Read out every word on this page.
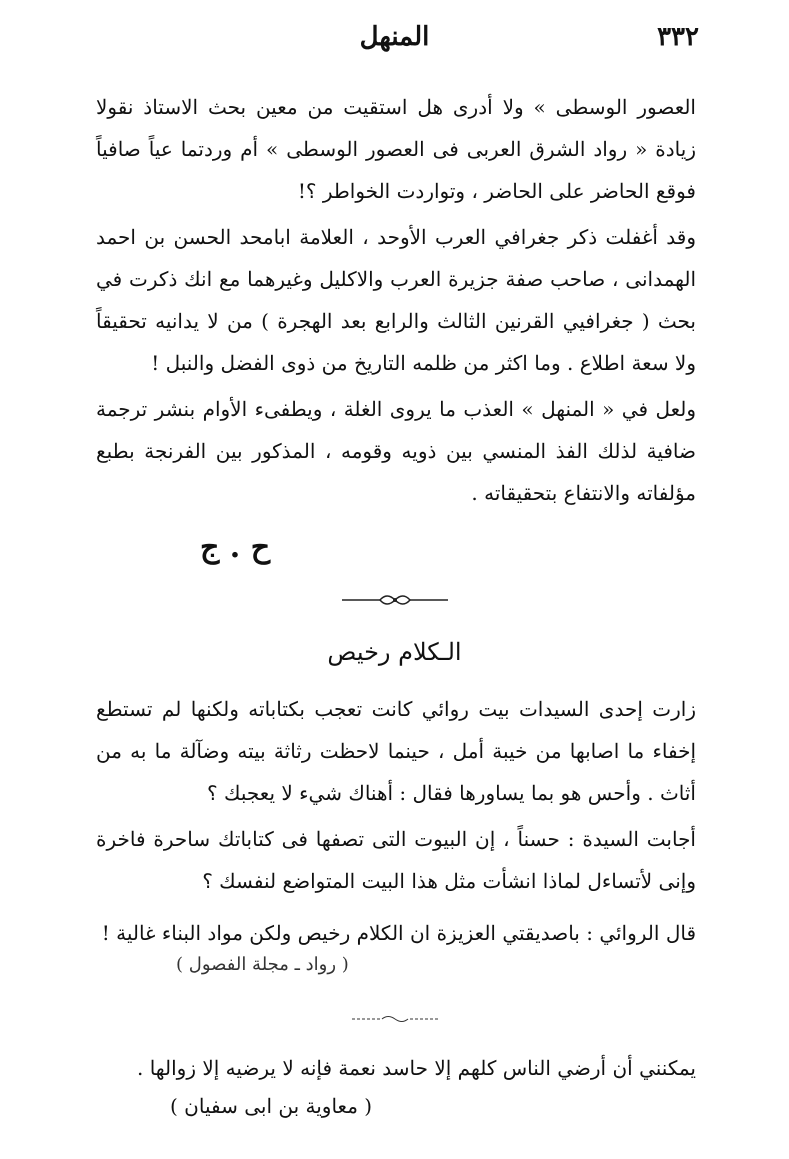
٣٣٢
المنهل

العصور الوسطى » ولا أدرى هل استقيت من معين بحث الاستاذ نقولا زيادة « رواد الشرق العربى فى العصور الوسطى » أم وردتما عياً صافياً فوقع الحاضر على الحاضر ، وتواردت الخواطر ؟!

وقد أغفلت ذكر جغرافي العرب الأوحد ، العلامة ابامحد الحسن بن احمد الهمدانى ، صاحب صفة جزيرة العرب والاكليل وغيرهما مع انك ذكرت في بحث ( جغرافيي القرنين الثالث والرابع بعد الهجرة ) من لا يدانيه تحقيقاً ولا سعة اطلاع . وما اكثر من ظلمه التاريخ من ذوى الفضل والنبل !

ولعل في « المنهل » العذب ما يروى الغلة ، ويطفىء الأوام بنشر ترجمة ضافية لذلك الفذ المنسي بين ذويه وقومه ، المذكور بين الفرنجة بطبع مؤلفاته والانتفاع بتحقيقاته .

ح . ج
الـكلام رخيص

زارت إحدى السيدات بيت روائي كانت تعجب بكتاباته ولكنها لم تستطع إخفاء ما اصابها من خيبة أمل ، حينما لاحظت رثاثة بيته وضآلة ما به من أثاث . وأحس هو بما يساورها فقال : أهناك شيء لا يعجبك ؟

أجابت السيدة : حسناً ، إن البيوت التى تصفها فى كتاباتك ساحرة فاخرة وإنى لأتساءل لماذا انشأت مثل هذا البيت المتواضع لنفسك ؟

قال الروائي : باصديقتي العزيزة ان الكلام رخيص ولكن مواد البناء غالية !

( رواد ـ مجلة الفصول )
يمكنني أن أرضي الناس كلهم إلا حاسد نعمة فإنه لا يرضيه إلا زوالها .
( معاوية بن ابى سفيان )
